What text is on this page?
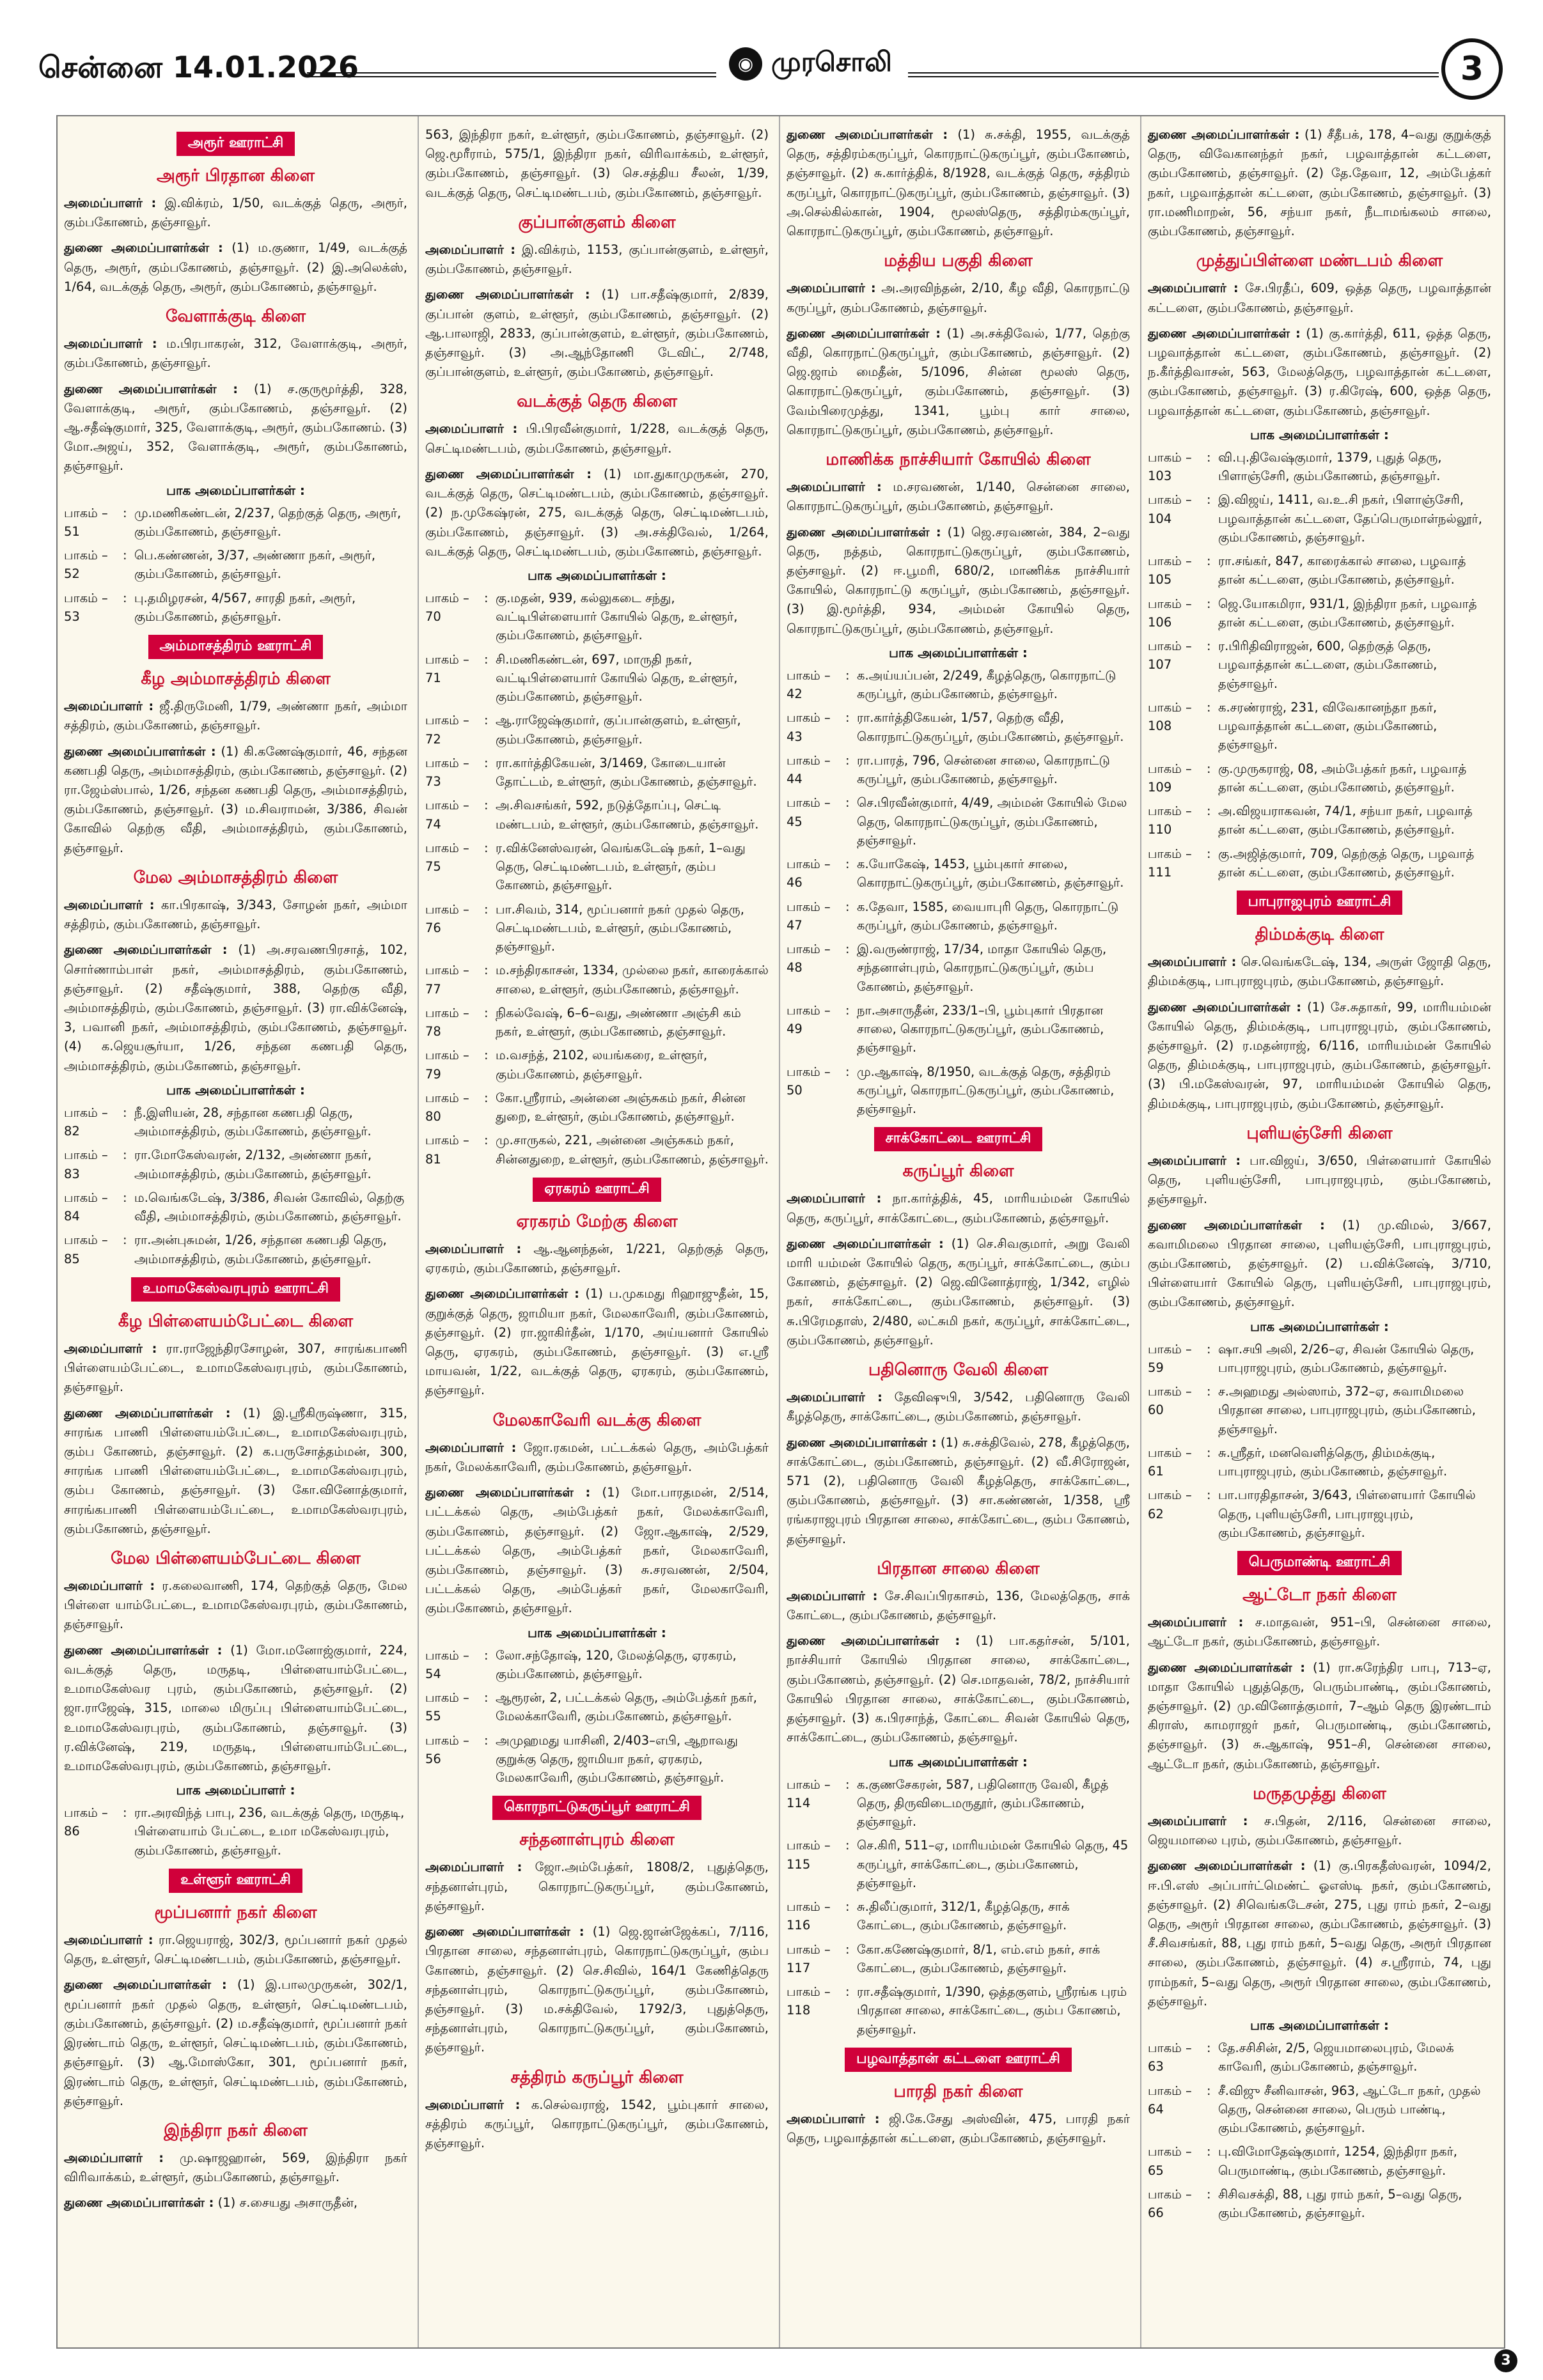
சென்னை 14.01.2026	◉ முரசொலி	3
அரூர் ஊராட்சி
அரூர் பிரதான கிளை

அமைப்பாளர் : இ.விக்ரம், 1/50, வடக்குத் தெரு, அரூர், கும்பகோணம், தஞ்சாவூர்.

துணை அமைப்பாளர்கள் : (1) ம.குணா, 1/49, வடக்குத் தெரு, அரூர், கும்பகோணம், தஞ்சாவூர். (2) இ.அலெக்ஸ், 1/64, வடக்குத் தெரு, அரூர், கும்பகோணம், தஞ்சாவூர்.

வேளாக்குடி கிளை

அமைப்பாளர் : ம.பிரபாகரன், 312, வேளாக்குடி, அரூர், கும்பகோணம், தஞ்சாவூர்.

துணை அமைப்பாளர்கள் : (1) ச.குருமூர்த்தி, 328, வேளாக்குடி, அரூர், கும்பகோணம், தஞ்சாவூர். (2) ஆ.சதீஷ்குமார், 325, வேளாக்குடி, அரூர், கும்பகோணம். (3) மோ.அஜய், 352, வேளாக்குடி, அரூர், கும்பகோணம், தஞ்சாவூர்.

பாக அமைப்பாளர்கள் :
பாகம் – 51
: மு.மணிகண்டன், 2/237, தெற்குத் தெரு, அரூர், கும்பகோணம், தஞ்சாவூர்.
பாகம் – 52
: பெ.கண்ணன், 3/37, அண்ணா நகர், அரூர், கும்பகோணம், தஞ்சாவூர்.
பாகம் – 53
: பு.தமிழரசன், 4/567, சாரதி நகர், அரூர், கும்பகோணம், தஞ்சாவூர்.
அம்மாசத்திரம் ஊராட்சி
கீழ அம்மாசத்திரம் கிளை

அமைப்பாளர் : ஜீ.திருமேனி, 1/79, அண்ணா நகர், அம்மா சத்திரம், கும்பகோணம், தஞ்சாவூர்.

துணை அமைப்பாளர்கள் : (1) கி.கணேஷ்குமார், 46, சந்தன கணபதி தெரு, அம்மாசத்திரம், கும்பகோணம், தஞ்சாவூர். (2) ரா.ஜேம்ஸ்பால், 1/26, சந்தன கணபதி தெரு, அம்மாசத்திரம், கும்பகோணம், தஞ்சாவூர். (3) ம.சிவராமன், 3/386, சிவன் கோவில் தெற்கு வீதி, அம்மாசத்திரம், கும்பகோணம், தஞ்சாவூர்.

மேல அம்மாசத்திரம் கிளை

அமைப்பாளர் : கா.பிரகாஷ், 3/343, சோழன் நகர், அம்மா சத்திரம், கும்பகோணம், தஞ்சாவூர்.

துணை அமைப்பாளர்கள் : (1) அ.சரவணபிரசாத், 102, சொர்ணாம்பாள் நகர், அம்மாசத்திரம், கும்பகோணம், தஞ்சாவூர். (2) சதீஷ்குமார், 388, தெற்கு வீதி, அம்மாசத்திரம், கும்பகோணம், தஞ்சாவூர். (3) ரா.விக்னேஷ், 3, பவானி நகர், அம்மாசத்திரம், கும்பகோணம், தஞ்சாவூர். (4) க.ஜெயசூர்யா, 1/26, சந்தன கணபதி தெரு, அம்மாசத்திரம், கும்பகோணம், தஞ்சாவூர்.

பாக அமைப்பாளர்கள் :
பாகம் – 82
: நீ.இளியன், 28, சந்தான கணபதி தெரு, அம்மாசத்திரம், கும்பகோணம், தஞ்சாவூர்.
பாகம் – 83
: ரா.மோகேஸ்வரன், 2/132, அண்ணா நகர், அம்மாசத்திரம், கும்பகோணம், தஞ்சாவூர்.
பாகம் – 84
: ம.வெங்கடேஷ், 3/386, சிவன் கோவில், தெற்கு வீதி, அம்மாசத்திரம், கும்பகோணம், தஞ்சாவூர்.
பாகம் – 85
: ரா.அன்புசுமன், 1/26, சந்தான கணபதி தெரு, அம்மாசத்திரம், கும்பகோணம், தஞ்சாவூர்.
உமாமகேஸ்வரபுரம் ஊராட்சி
கீழ பிள்ளையம்பேட்டை கிளை

அமைப்பாளர் : ரா.ராஜேந்திரசோழன், 307, சாரங்கபாணி பிள்ளையம்பேட்டை, உமாமகேஸ்வரபுரம், கும்பகோணம், தஞ்சாவூர்.

துணை அமைப்பாளர்கள் : (1) இ.ஸ்ரீகிருஷ்ணா, 315, சாரங்க பாணி பிள்ளையம்பேட்டை, உமாமகேஸ்வரபுரம், கும்ப கோணம், தஞ்சாவூர். (2) க.பருசோத்தம்மன், 300, சாரங்க பாணி பிள்ளையம்பேட்டை, உமாமகேஸ்வரபுரம், கும்ப கோணம், தஞ்சாவூர். (3) கோ.வினோத்குமார், சாரங்கபாணி பிள்ளையம்பேட்டை, உமாமகேஸ்வரபுரம், கும்பகோணம், தஞ்சாவூர்.

மேல பிள்ளையம்பேட்டை கிளை

அமைப்பாளர் : ர.கலைவாணி, 174, தெற்குத் தெரு, மேல பிள்ளை யாம்பேட்டை, உமாமகேஸ்வரபுரம், கும்பகோணம், தஞ்சாவூர்.

துணை அமைப்பாளர்கள் : (1) மோ.மனோஜ்குமார், 224, வடக்குத் தெரு, மருதடி, பிள்ளையாம்பேட்டை, உமாமகேஸ்வர புரம், கும்பகோணம், தஞ்சாவூர். (2) ஜா.ராஜேஷ், 315, மாலை மிருப்பு பிள்ளையாம்பேட்டை, உமாமகேஸ்வரபுரம், கும்பகோணம், தஞ்சாவூர். (3) ர.விக்னேஷ், 219, மருதடி, பிள்ளையாம்பேட்டை, உமாமகேஸ்வரபுரம், கும்பகோணம், தஞ்சாவூர்.

பாக அமைப்பாளர் :
பாகம் – 86
: ரா.அரவிந்த் பாபு, 236, வடக்குத் தெரு, மருதடி, பிள்ளையாம் பேட்டை, உமா மகேஸ்வரபுரம், கும்பகோணம், தஞ்சாவூர்.
உள்ளூர் ஊராட்சி
மூப்பனார் நகர் கிளை

அமைப்பாளர் : ரா.ஜெயராஜ், 302/3, மூப்பனார் நகர் முதல் தெரு, உள்ளூர், செட்டிமண்டபம், கும்பகோணம், தஞ்சாவூர்.

துணை அமைப்பாளர்கள் : (1) இ.பாலமுருகன், 302/1, மூப்பனார் நகர் முதல் தெரு, உள்ளூர், செட்டிமண்டபம், கும்பகோணம், தஞ்சாவூர். (2) ம.சதீஷ்குமார், மூப்பனார் நகர் இரண்டாம் தெரு, உள்ளூர், செட்டிமண்டபம், கும்பகோணம், தஞ்சாவூர். (3) ஆ.மோஸ்கோ, 301, மூப்பனார் நகர், இரண்டாம் தெரு, உள்ளூர், செட்டிமண்டபம், கும்பகோணம், தஞ்சாவூர்.

இந்திரா நகர் கிளை

அமைப்பாளர் : மு.ஷாஜஹான், 569, இந்திரா நகர் விரிவாக்கம், உள்ளூர், கும்பகோணம், தஞ்சாவூர்.

துணை அமைப்பாளர்கள் : (1) ச.சையது அசாருதீன்,

563, இந்திரா நகர், உள்ளூர், கும்பகோணம், தஞ்சாவூர். (2) ஜெ.மூரீராம், 575/1, இந்திரா நகர், விரிவாக்கம், உள்ளூர், கும்பகோணம், தஞ்சாவூர். (3) செ.சத்திய சீலன், 1/39, வடக்குத் தெரு, செட்டிமண்டபம், கும்பகோணம், தஞ்சாவூர்.

குப்பான்குளம் கிளை

அமைப்பாளர் : இ.விக்ரம், 1153, குப்பான்குளம், உள்ளூர், கும்பகோணம், தஞ்சாவூர்.

துணை அமைப்பாளர்கள் : (1) பா.சதீஷ்குமார், 2/839, குப்பான் குளம், உள்ளூர், கும்பகோணம், தஞ்சாவூர். (2) ஆ.பாலாஜி, 2833, குப்பான்குளம், உள்ளூர், கும்பகோணம், தஞ்சாவூர். (3) அ.ஆந்தோணி டேவிட், 2/748, குப்பான்குளம், உள்ளூர், கும்பகோணம், தஞ்சாவூர்.

வடக்குத் தெரு கிளை

அமைப்பாளர் : பி.பிரவீன்குமார், 1/228, வடக்குத் தெரு, செட்டிமண்டபம், கும்பகோணம், தஞ்சாவூர்.

துணை அமைப்பாளர்கள் : (1) மா.துகாமுருகன், 270, வடக்குத் தெரு, செட்டிமண்டபம், கும்பகோணம், தஞ்சாவூர். (2) ந.முகேஷ்ரன், 275, வடக்குத் தெரு, செட்டிமண்டபம், கும்பகோணம், தஞ்சாவூர். (3) அ.சக்திவேல், 1/264, வடக்குத் தெரு, செட்டிமண்டபம், கும்பகோணம், தஞ்சாவூர்.

பாக அமைப்பாளர்கள் :
பாகம் – 70
: கு.மதன், 939, கல்லுகடை சந்து, வட்டிபிள்ளையார் கோயில் தெரு, உள்ளூர், கும்பகோணம், தஞ்சாவூர்.
பாகம் – 71
: சி.மணிகண்டன், 697, மாருதி நகர், வட்டிபிள்ளையார் கோயில் தெரு, உள்ளூர், கும்பகோணம், தஞ்சாவூர்.
பாகம் – 72
: ஆ.ராஜேஷ்குமார், குப்பான்குளம், உள்ளூர், கும்பகோணம், தஞ்சாவூர்.
பாகம் – 73
: ரா.கார்த்திகேயன், 3/1469, கோடையான் தோட்டம், உள்ளூர், கும்பகோணம், தஞ்சாவூர்.
பாகம் – 74
: அ.சிவசங்கர், 592, நடுத்தோப்பு, செட்டி மண்டபம், உள்ளூர், கும்பகோணம், தஞ்சாவூர்.
பாகம் – 75
: ர.விக்னேஸ்வரன், வெங்கடேஷ் நகர், 1–வது தெரு, செட்டிமண்டபம், உள்ளூர், கும்ப கோணம், தஞ்சாவூர்.
பாகம் – 76
: பா.சிவம், 314, மூப்பனார் நகர் முதல் தெரு, செட்டிமண்டபம், உள்ளூர், கும்பகோணம், தஞ்சாவூர்.
பாகம் – 77
: ம.சந்திரகாசன், 1334, முல்லை நகர், காரைக்கால் சாலை, உள்ளூர், கும்பகோணம், தஞ்சாவூர்.
பாகம் – 78
: நிகல்வேஷ், 6–6–வது, அண்ணா அஞ்சி கம் நகர், உள்ளூர், கும்பகோணம், தஞ்சாவூர்.
பாகம் – 79
: ம.வசந்த், 2102, லயங்கரை, உள்ளூர், கும்பகோணம், தஞ்சாவூர்.
பாகம் – 80
: கோ.ஸ்ரீராம், அன்னை அஞ்சுகம் நகர், சின்ன துறை, உள்ளூர், கும்பகோணம், தஞ்சாவூர்.
பாகம் – 81
: மு.சாருகல், 221, அன்னை அஞ்சுகம் நகர், சின்னதுறை, உள்ளூர், கும்பகோணம், தஞ்சாவூர்.
ஏரகரம் ஊராட்சி
ஏரகரம் மேற்கு கிளை

அமைப்பாளர் : ஆ.ஆனந்தன், 1/221, தெற்குத் தெரு, ஏரகரம், கும்பகோணம், தஞ்சாவூர்.

துணை அமைப்பாளர்கள் : (1) ப.முகமது ரிஹாஜுதீன், 15, குறுக்குத் தெரு, ஜாமியா நகர், மேலகாவேரி, கும்பகோணம், தஞ்சாவூர். (2) ரா.ஜாகிர்தீன், 1/170, அய்யனார் கோயில் தெரு, ஏரகரம், கும்பகோணம், தஞ்சாவூர். (3) எ.ஸ்ரீ மாயவன், 1/22, வடக்குத் தெரு, ஏரகரம், கும்பகோணம், தஞ்சாவூர்.

மேலகாவேரி வடக்கு கிளை

அமைப்பாளர் : ஜோ.ரகமன், பட்டக்கல் தெரு, அம்பேத்கர் நகர், மேலக்காவேரி, கும்பகோணம், தஞ்சாவூர்.

துணை அமைப்பாளர்கள் : (1) மோ.பாரதமன், 2/514, பட்டக்கல் தெரு, அம்பேத்கர் நகர், மேலக்காவேரி, கும்பகோணம், தஞ்சாவூர். (2) ஜோ.ஆகாஷ், 2/529, பட்டக்கல் தெரு, அம்பேத்கர் நகர், மேலகாவேரி, கும்பகோணம், தஞ்சாவூர். (3) சு.சரவணன், 2/504, பட்டக்கல் தெரு, அம்பேத்கர் நகர், மேலகாவேரி, கும்பகோணம், தஞ்சாவூர்.

பாக அமைப்பாளர்கள் :
பாகம் – 54
: லோ.சந்தோஷ், 120, மேலத்தெரு, ஏரகரம், கும்பகோணம், தஞ்சாவூர்.
பாகம் – 55
: ஆரூரன், 2, பட்டக்கல் தெரு, அம்பேத்கர் நகர், மேலக்காவேரி, கும்பகோணம், தஞ்சாவூர்.
பாகம் – 56
: அமுஹமது யாசினி, 2/403–எபி, ஆறாவது குறுக்கு தெரு, ஜாமியா நகர், ஏரகரம், மேலகாவேரி, கும்பகோணம், தஞ்சாவூர்.
கொரநாட்டுகருப்பூர் ஊராட்சி
சந்தனாள்புரம் கிளை

அமைப்பாளர் : ஜோ.அம்பேத்கர், 1808/2, புதுத்தெரு, சந்தனாள்புரம், கொரநாட்டுகருப்பூர், கும்பகோணம், தஞ்சாவூர்.

துணை அமைப்பாளர்கள் : (1) ஜெ.ஜான்ஜேக்கப், 7/116, பிரதான சாலை, சந்தனாள்புரம், கொரநாட்டுகருப்பூர், கும்ப கோணம், தஞ்சாவூர். (2) செ.சிவில், 164/1 கேணித்தெரு சந்தனாள்புரம், கொரநாட்டுகருப்பூர், கும்பகோணம், தஞ்சாவூர். (3) ம.சக்திவேல், 1792/3, புதுத்தெரு, சந்தனாள்புரம், கொரநாட்டுகருப்பூர், கும்பகோணம், தஞ்சாவூர்.

சத்திரம் கருப்பூர் கிளை

அமைப்பாளர் : க.செல்வராஜ், 1542, பூம்புகார் சாலை, சத்திரம் கருப்பூர், கொரநாட்டுகருப்பூர், கும்பகோணம், தஞ்சாவூர்.

துணை அமைப்பாளர்கள் : (1) சு.சக்தி, 1955, வடக்குத் தெரு, சத்திரம்கருப்பூர், கொரநாட்டுகருப்பூர், கும்பகோணம், தஞ்சாவூர். (2) சு.கார்த்திக், 8/1928, வடக்குத் தெரு, சத்திரம் கருப்பூர், கொரநாட்டுகருப்பூர், கும்பகோணம், தஞ்சாவூர். (3) அ.செல்கில்கான், 1904, மூலஸ்தெரு, சத்திரம்கருப்பூர், கொரநாட்டுகருப்பூர், கும்பகோணம், தஞ்சாவூர்.

மத்திய பகுதி கிளை

அமைப்பாளர் : அ.அரவிந்தன், 2/10, கீழ வீதி, கொரநாட்டு கருப்பூர், கும்பகோணம், தஞ்சாவூர்.

துணை அமைப்பாளர்கள் : (1) அ.சக்திவேல், 1/77, தெற்கு வீதி, கொரநாட்டுகருப்பூர், கும்பகோணம், தஞ்சாவூர். (2) ஜெ.ஜாம் மைதீன், 5/1096, சின்ன மூலஸ் தெரு, கொரநாட்டுகருப்பூர், கும்பகோணம், தஞ்சாவூர். (3) வேம்பிரைமுத்து, 1341, பூம்பு கார் சாலை, கொரநாட்டுகருப்பூர், கும்பகோணம், தஞ்சாவூர்.

மாணிக்க நாச்சியார் கோயில் கிளை

அமைப்பாளர் : ம.சரவணன், 1/140, சென்னை சாலை, கொரநாட்டுகருப்பூர், கும்பகோணம், தஞ்சாவூர்.

துணை அமைப்பாளர்கள் : (1) ஜெ.சரவணன், 384, 2–வது தெரு, நத்தம், கொரநாட்டுகருப்பூர், கும்பகோணம், தஞ்சாவூர். (2) ஈ.பூமரி, 680/2, மாணிக்க நாச்சியார் கோயில், கொரநாட்டு கருப்பூர், கும்பகோணம், தஞ்சாவூர். (3) இ.மூர்த்தி, 934, அம்மன் கோயில் தெரு, கொரநாட்டுகருப்பூர், கும்பகோணம், தஞ்சாவூர்.

பாக அமைப்பாளர்கள் :
பாகம் – 42
: க.அய்யப்பன், 2/249, கீழத்தெரு, கொரநாட்டு கருப்பூர், கும்பகோணம், தஞ்சாவூர்.
பாகம் – 43
: ரா.கார்த்திகேயன், 1/57, தெற்கு வீதி, கொரநாட்டுகருப்பூர், கும்பகோணம், தஞ்சாவூர்.
பாகம் – 44
: ரா.பாரத், 796, சென்னை சாலை, கொரநாட்டு கருப்பூர், கும்பகோணம், தஞ்சாவூர்.
பாகம் – 45
: செ.பிரவீன்குமார், 4/49, அம்மன் கோயில் மேல தெரு, கொரநாட்டுகருப்பூர், கும்பகோணம், தஞ்சாவூர்.
பாகம் – 46
: க.யோகேஷ், 1453, பூம்புகார் சாலை, கொரநாட்டுகருப்பூர், கும்பகோணம், தஞ்சாவூர்.
பாகம் – 47
: க.தேவா, 1585, வையாபுரி தெரு, கொரநாட்டு கருப்பூர், கும்பகோணம், தஞ்சாவூர்.
பாகம் – 48
: இ.வருண்ராஜ், 17/34, மாதா கோயில் தெரு, சந்தனாள்புரம், கொரநாட்டுகருப்பூர், கும்ப கோணம், தஞ்சாவூர்.
பாகம் – 49
: நா.அசாருதீன், 233/1–பி, பூம்புகார் பிரதான சாலை, கொரநாட்டுகருப்பூர், கும்பகோணம், தஞ்சாவூர்.
பாகம் – 50
: மு.ஆகாஷ், 8/1950, வடக்குத் தெரு, சத்திரம் கருப்பூர், கொரநாட்டுகருப்பூர், கும்பகோணம், தஞ்சாவூர்.
சாக்கோட்டை ஊராட்சி
கருப்பூர் கிளை

அமைப்பாளர் : நா.கார்த்திக், 45, மாரியம்மன் கோயில் தெரு, கருப்பூர், சாக்கோட்டை, கும்பகோணம், தஞ்சாவூர்.

துணை அமைப்பாளர்கள் : (1) செ.சிவகுமார், அறு வேலி மாரி யம்மன் கோயில் தெரு, கருப்பூர், சாக்கோட்டை, கும்ப கோணம், தஞ்சாவூர். (2) ஜெ.வினோத்ராஜ், 1/342, எழில் நகர், சாக்கோட்டை, கும்பகோணம், தஞ்சாவூர். (3) சு.பிரேமதாஸ், 2/480, லட்சுமி நகர், கருப்பூர், சாக்கோட்டை, கும்பகோணம், தஞ்சாவூர்.

பதினொரு வேலி கிளை

அமைப்பாளர் : தேவிஷுபி, 3/542, பதினொரு வேலி கீழத்தெரு, சாக்கோட்டை, கும்பகோணம், தஞ்சாவூர்.

துணை அமைப்பாளர்கள் : (1) சு.சக்திவேல், 278, கீழத்தெரு, சாக்கோட்டை, கும்பகோணம், தஞ்சாவூர். (2) வீ.சிரோஜன், 571 (2), பதினொரு வேலி கீழத்தெரு, சாக்கோட்டை, கும்பகோணம், தஞ்சாவூர். (3) சா.கண்ணன், 1/358, ஸ்ரீ ரங்கராஜபுரம் பிரதான சாலை, சாக்கோட்டை, கும்ப கோணம், தஞ்சாவூர்.

பிரதான சாலை கிளை

அமைப்பாளர் : சே.சிவப்பிரகாசம், 136, மேலத்தெரு, சாக் கோட்டை, கும்பகோணம், தஞ்சாவூர்.

துணை அமைப்பாளர்கள் : (1) பா.கதர்சன், 5/101, நாச்சியார் கோயில் பிரதான சாலை, சாக்கோட்டை, கும்பகோணம், தஞ்சாவூர். (2) செ.மாதவன், 78/2, நாச்சியார் கோயில் பிரதான சாலை, சாக்கோட்டை, கும்பகோணம், தஞ்சாவூர். (3) க.பிரசாந்த், கோட்டை சிவன் கோயில் தெரு, சாக்கோட்டை, கும்பகோணம், தஞ்சாவூர்.

பாக அமைப்பாளர்கள் :
பாகம் – 114
: க.குணசேகரன், 587, பதினொரு வேலி, கீழத் தெரு, திருவிடைமருதூர், கும்பகோணம், தஞ்சாவூர்.
பாகம் – 115
: செ.கிரி, 511–ஏ, மாரியம்மன் கோயில் தெரு, 45 கருப்பூர், சாக்கோட்டை, கும்பகோணம், தஞ்சாவூர்.
பாகம் – 116
: சு.திலீப்குமார், 312/1, கீழத்தெரு, சாக் கோட்டை, கும்பகோணம், தஞ்சாவூர்.
பாகம் – 117
: கோ.கணேஷ்குமார், 8/1, எம்.எம் நகர், சாக் கோட்டை, கும்பகோணம், தஞ்சாவூர்.
பாகம் – 118
: ரா.சதீஷ்குமார், 1/390, ஒத்தகுளம், ஸ்ரீரங்க புரம் பிரதான சாலை, சாக்கோட்டை, கும்ப கோணம், தஞ்சாவூர்.
பழவாத்தான் கட்டளை ஊராட்சி
பாரதி நகர் கிளை

அமைப்பாளர் : ஜி.கே.சேது அஸ்வின், 475, பாரதி நகர் தெரு, பழவாத்தான் கட்டளை, கும்பகோணம், தஞ்சாவூர்.

துணை அமைப்பாளர்கள் : (1) சீதீபக், 178, 4–வது குறுக்குத் தெரு, விவேகானந்தர் நகர், பழவாத்தான் கட்டளை, கும்பகோணம், தஞ்சாவூர். (2) தே.தேவா, 12, அம்பேத்கர் நகர், பழவாத்தான் கட்டளை, கும்பகோணம், தஞ்சாவூர். (3) ரா.மணிமாறன், 56, சந்யா நகர், நீடாமங்கலம் சாலை, கும்பகோணம், தஞ்சாவூர்.

முத்துப்பிள்ளை மண்டபம் கிளை

அமைப்பாளர் : சே.பிரதீப், 609, ஒத்த தெரு, பழவாத்தான் கட்டளை, கும்பகோணம், தஞ்சாவூர்.

துணை அமைப்பாளர்கள் : (1) கு.கார்த்தி, 611, ஒத்த தெரு, பழவாத்தான் கட்டளை, கும்பகோணம், தஞ்சாவூர். (2) ந.கீர்த்திவாசன், 563, மேலத்தெரு, பழவாத்தான் கட்டளை, கும்பகோணம், தஞ்சாவூர். (3) ர.கிரேஷ், 600, ஒத்த தெரு, பழவாத்தான் கட்டளை, கும்பகோணம், தஞ்சாவூர்.

பாக அமைப்பாளர்கள் :
பாகம் – 103
: வி.பு.திவேஷ்குமார், 1379, புதுத் தெரு, பிளாஞ்சேரி, கும்பகோணம், தஞ்சாவூர்.
பாகம் – 104
: இ.விஜய், 1411, வ.உ.சி நகர், பிளாஞ்சேரி, பழவாத்தான் கட்டளை, தேப்பெருமாள்நல்லூர், கும்பகோணம், தஞ்சாவூர்.
பாகம் – 105
: ரா.சங்கர், 847, காரைக்கால் சாலை, பழவாத் தான் கட்டளை, கும்பகோணம், தஞ்சாவூர்.
பாகம் – 106
: ஜெ.யோகமிரா, 931/1, இந்திரா நகர், பழவாத் தான் கட்டளை, கும்பகோணம், தஞ்சாவூர்.
பாகம் – 107
: ர.பிரிதிவிராஜன், 600, தெற்குத் தெரு, பழவாத்தான் கட்டளை, கும்பகோணம், தஞ்சாவூர்.
பாகம் – 108
: க.சரண்ராஜ், 231, விவேகானந்தா நகர், பழவாத்தான் கட்டளை, கும்பகோணம், தஞ்சாவூர்.
பாகம் – 109
: கு.முருகராஜ், 08, அம்பேத்கர் நகர், பழவாத் தான் கட்டளை, கும்பகோணம், தஞ்சாவூர்.
பாகம் – 110
: அ.விஜயராகவன், 74/1, சந்யா நகர், பழவாத் தான் கட்டளை, கும்பகோணம், தஞ்சாவூர்.
பாகம் – 111
: கு.அஜித்குமார், 709, தெற்குத் தெரு, பழவாத் தான் கட்டளை, கும்பகோணம், தஞ்சாவூர்.
பாபுராஜபுரம் ஊராட்சி
திம்மக்குடி கிளை

அமைப்பாளர் : செ.வெங்கடேஷ், 134, அருள் ஜோதி தெரு, திம்மக்குடி, பாபுராஜபுரம், கும்பகோணம், தஞ்சாவூர்.

துணை அமைப்பாளர்கள் : (1) சே.சுதாகர், 99, மாரியம்மன் கோயில் தெரு, திம்மக்குடி, பாபுராஜபுரம், கும்பகோணம், தஞ்சாவூர். (2) ர.மதன்ராஜ், 6/116, மாரியம்மன் கோயில் தெரு, திம்மக்குடி, பாபுராஜபுரம், கும்பகோணம், தஞ்சாவூர். (3) பி.மகேஸ்வரன், 97, மாரியம்மன் கோயில் தெரு, திம்மக்குடி, பாபுராஜபுரம், கும்பகோணம், தஞ்சாவூர்.

புளியஞ்சேரி கிளை

அமைப்பாளர் : பா.விஜய், 3/650, பிள்ளையார் கோயில் தெரு, புளியஞ்சேரி, பாபுராஜபுரம், கும்பகோணம், தஞ்சாவூர்.

துணை அமைப்பாளர்கள் : (1) மு.விமல், 3/667, கவாமிமலை பிரதான சாலை, புளியஞ்சேரி, பாபுராஜபுரம், கும்பகோணம், தஞ்சாவூர். (2) ப.விக்னேஷ், 3/710, பிள்ளையார் கோயில் தெரு, புளியஞ்சேரி, பாபுராஜபுரம், கும்பகோணம், தஞ்சாவூர்.

பாக அமைப்பாளர்கள் :
பாகம் – 59
: ஷா.சயி அலி, 2/26–ஏ, சிவன் கோயில் தெரு, பாபுராஜபுரம், கும்பகோணம், தஞ்சாவூர்.
பாகம் – 60
: ச.அஹமது அல்ஸாம், 372–ஏ, சுவாமிமலை பிரதான சாலை, பாபுராஜபுரம், கும்பகோணம், தஞ்சாவூர்.
பாகம் – 61
: சு.ஸ்ரீதர், மனவெளித்தெரு, திம்மக்குடி, பாபுராஜபுரம், கும்பகோணம், தஞ்சாவூர்.
பாகம் – 62
: பா.பாரதிதாசன், 3/643, பிள்ளையார் கோயில் தெரு, புளியஞ்சேரி, பாபுராஜபுரம், கும்பகோணம், தஞ்சாவூர்.
பெருமாண்டி ஊராட்சி
ஆட்டோ நகர் கிளை

அமைப்பாளர் : ச.மாதவன், 951–பி, சென்னை சாலை, ஆட்டோ நகர், கும்பகோணம், தஞ்சாவூர்.

துணை அமைப்பாளர்கள் : (1) ரா.சுரேந்திர பாபு, 713–ஏ, மாதா கோயில் புதுத்தெரு, பெரும்பாண்டி, கும்பகோணம், தஞ்சாவூர். (2) மு.வினோத்குமார், 7–ஆம் தெரு இரண்டாம் கிராஸ், காமராஜர் நகர், பெருமாண்டி, கும்பகோணம், தஞ்சாவூர். (3) சு.ஆகாஷ், 951–சி, சென்னை சாலை, ஆட்டோ நகர், கும்பகோணம், தஞ்சாவூர்.

மருதமுத்து கிளை

அமைப்பாளர் : ச.பிதன், 2/116, சென்னை சாலை, ஜெயமாலை புரம், கும்பகோணம், தஞ்சாவூர்.

துணை அமைப்பாளர்கள் : (1) கு.பிரகதீஸ்வரன், 1094/2, ஈ.பி.எஸ் அப்பார்ட்மெண்ட் ஓஎஸ்டி நகர், கும்பகோணம், தஞ்சாவூர். (2) சிவெங்கடேசன், 275, புது ராம் நகர், 2–வது தெரு, அரூர் பிரதான சாலை, கும்பகோணம், தஞ்சாவூர். (3) சீ.சிவசங்கர், 88, புது ராம் நகர், 5–வது தெரு, அரூர் பிரதான சாலை, கும்பகோணம், தஞ்சாவூர். (4) ச.ஸ்ரீராம், 74, புது ராம்நகர், 5–வது தெரு, அரூர் பிரதான சாலை, கும்பகோணம், தஞ்சாவூர்.

பாக அமைப்பாளர்கள் :
பாகம் – 63
: தே.சசிசின், 2/5, ஜெயமாலைபுரம், மேலக் காவேரி, கும்பகோணம், தஞ்சாவூர்.
பாகம் – 64
: சீ.விஜு சீனிவாசன், 963, ஆட்டோ நகர், முதல் தெரு, சென்னை சாலை, பெரும் பாண்டி, கும்பகோணம், தஞ்சாவூர்.
பாகம் – 65
: பு.விமோதேஷ்குமார், 1254, இந்திரா நகர், பெருமாண்டி, கும்பகோணம், தஞ்சாவூர்.
பாகம் – 66
: சிசிவசக்தி, 88, புது ராம் நகர், 5–வது தெரு, கும்பகோணம், தஞ்சாவூர்.
3
